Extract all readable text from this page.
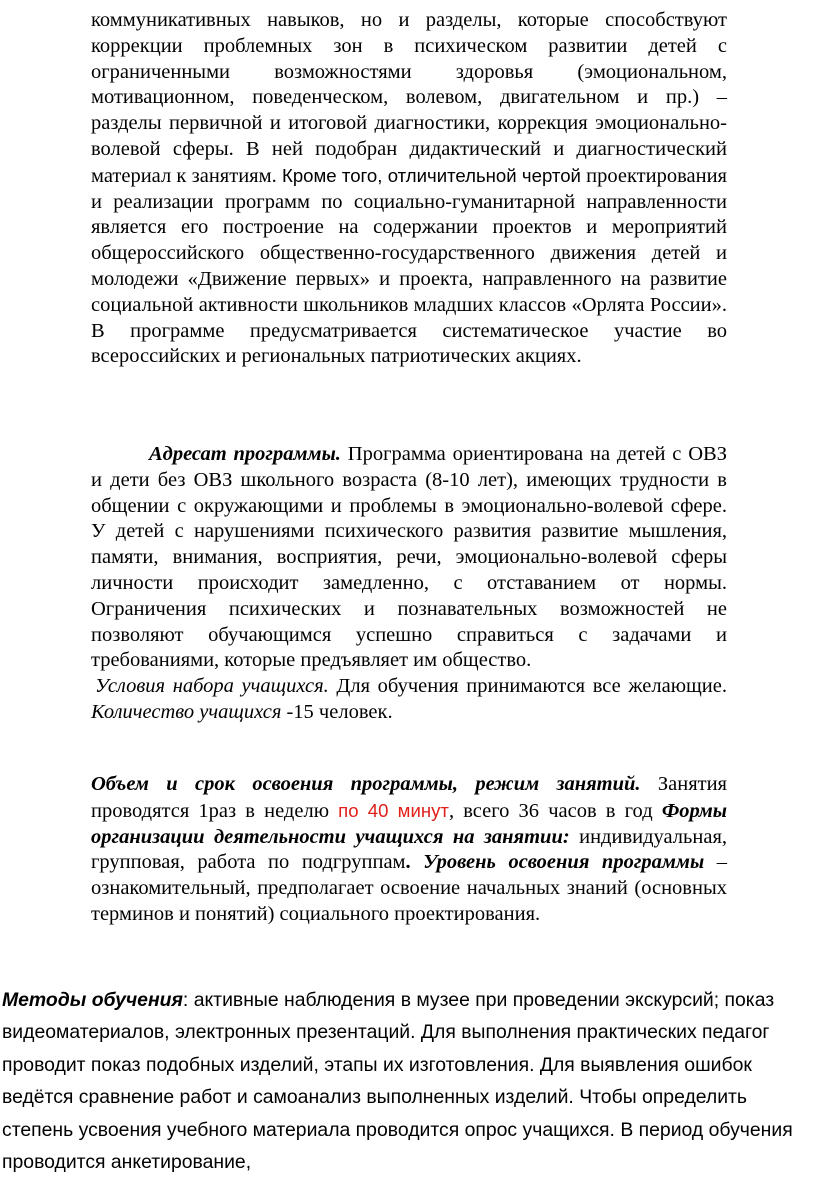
коммуникативных навыков, но и разделы, которые способствуют коррекции проблемных зон в психическом развитии детей с ограниченными возможностями здоровья (эмоциональном, мотивационном, поведенческом, волевом, двигательном и пр.) – разделы первичной и итоговой диагностики, коррекция эмоционально-волевой сферы. В ней подобран дидактический и диагностический материал к занятиям. Кроме того, отличительной чертой проектирования и реализации программ по социально-гуманитарной направленности является его построение на содержании проектов и мероприятий общероссийского общественно-государственного движения детей и молодежи «Движение первых» и проекта, направленного на развитие социальной активности школьников младших классов «Орлята России». В программе предусматривается систематическое участие во всероссийских и региональных патриотических акциях.

Адресат программы. Программа ориентирована на детей с ОВЗ и дети без ОВЗ школьного возраста (8-10 лет), имеющих трудности в общении с окружающими и проблемы в эмоционально-волевой сфере. У детей с нарушениями психического развития развитие мышления, памяти, внимания, восприятия, речи, эмоционально-волевой сферы личности происходит замедленно, с отставанием от нормы. Ограничения психических и познавательных возможностей не позволяют обучающимся успешно справиться с задачами и требованиями, которые предъявляет им общество.

Условия набора учащихся. Для обучения принимаются все желающие. Количество учащихся -15 человек.

Объем и срок освоения программы, режим занятий. Занятия проводятся 1раз в неделю по 40 минут, всего 36 часов в год Формы организации деятельности учащихся на занятии: индивидуальная, групповая, работа по подгруппам. Уровень освоения программы – ознакомительный, предполагает освоение начальных знаний (основных терминов и понятий) социального проектирования.

Методы обучения: активные наблюдения в музее при проведении экскурсий; показ видеоматериалов, электронных презентаций. Для выполнения практических педагог проводит показ подобных изделий, этапы их изготовления. Для выявления ошибок ведётся сравнение работ и самоанализ выполненных изделий. Чтобы определить степень усвоения учебного материала проводится опрос учащихся. В период обучения проводится анкетирование,
